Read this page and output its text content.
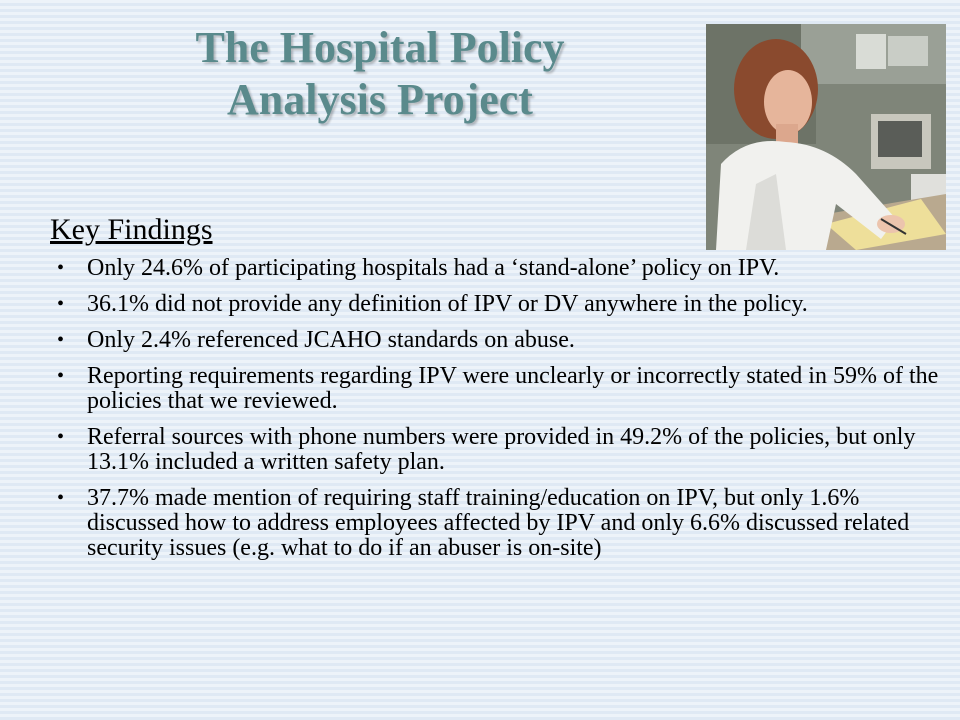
The Hospital Policy
Analysis Project
Key Findings
• Only 24.6% of participating hospitals had a ‘stand-alone’ policy on IPV.
• 36.1% did not provide any definition of IPV or DV anywhere in the policy.
• Only 2.4% referenced JCAHO standards on abuse.
• Reporting requirements regarding IPV were unclearly or incorrectly stated in 59% of the policies that we reviewed.
• Referral sources with phone numbers were provided in 49.2% of the policies, but only 13.1% included a written safety plan.
• 37.7% made mention of requiring staff training/education on IPV, but only 1.6% discussed how to address employees affected by IPV and only 6.6% discussed related security issues (e.g. what to do if an abuser is on-site)
